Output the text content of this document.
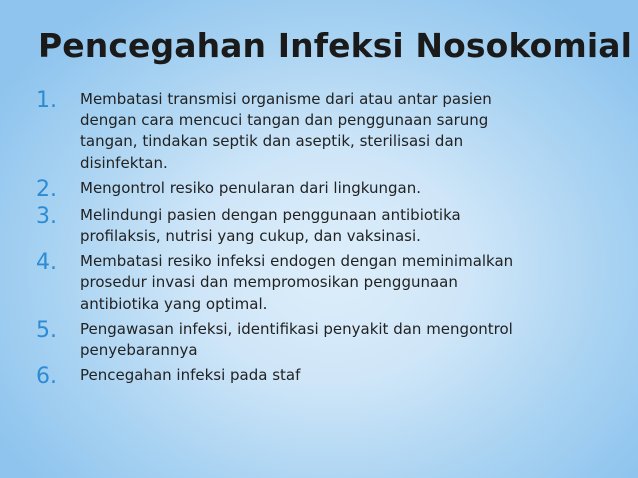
Pencegahan Infeksi Nosokomial
1.	Membatasi transmisi organisme dari atau antar pasien
dengan cara mencuci tangan dan penggunaan sarung
tangan, tindakan septik dan aseptik, sterilisasi dan
disinfektan.
2.	Mengontrol resiko penularan dari lingkungan.
3.	Melindungi pasien dengan penggunaan antibiotika
profilaksis, nutrisi yang cukup, dan vaksinasi.
4.	Membatasi resiko infeksi endogen dengan meminimalkan
prosedur invasi dan mempromosikan penggunaan
antibiotika yang optimal.
5.	Pengawasan infeksi, identifikasi penyakit dan mengontrol
penyebarannya
6.	Pencegahan infeksi pada staf
